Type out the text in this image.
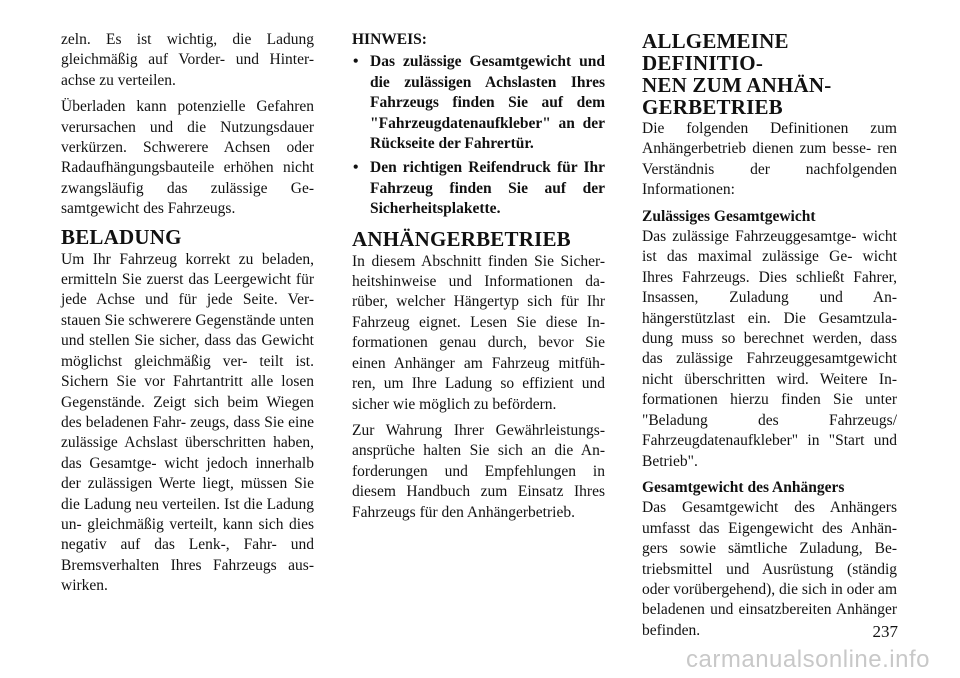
zeln. Es ist wichtig, die Ladung gleichmäßig auf Vorder- und Hinter- achse zu verteilen.

Überladen kann potenzielle Gefahren verursachen und die Nutzungsdauer verkürzen. Schwerere Achsen oder Radaufhängungsbauteile erhöhen nicht zwangsläufig das zulässige Ge- samtgewicht des Fahrzeugs.

BELADUNG

Um Ihr Fahrzeug korrekt zu beladen, ermitteln Sie zuerst das Leergewicht für jede Achse und für jede Seite. Ver- stauen Sie schwerere Gegenstände unten und stellen Sie sicher, dass das Gewicht möglichst gleichmäßig ver- teilt ist. Sichern Sie vor Fahrtantritt alle losen Gegenstände. Zeigt sich beim Wiegen des beladenen Fahr- zeugs, dass Sie eine zulässige Achslast überschritten haben, das Gesamtge- wicht jedoch innerhalb der zulässigen Werte liegt, müssen Sie die Ladung neu verteilen. Ist die Ladung un- gleichmäßig verteilt, kann sich dies negativ auf das Lenk-, Fahr- und Bremsverhalten Ihres Fahrzeugs aus- wirken.

HINWEIS:
• Das zulässige Gesamtgewicht und die zulässigen Achslasten Ihres Fahrzeugs finden Sie auf dem "Fahrzeugdatenaufkleber" an der Rückseite der Fahrertür.
• Den richtigen Reifendruck für Ihr Fahrzeug finden Sie auf der Sicherheitsplakette.
ANHÄNGERBETRIEB

In diesem Abschnitt finden Sie Sicher- heitshinweise und Informationen da- rüber, welcher Hängertyp sich für Ihr Fahrzeug eignet. Lesen Sie diese In- formationen genau durch, bevor Sie einen Anhänger am Fahrzeug mitfüh- ren, um Ihre Ladung so effizient und sicher wie möglich zu befördern.

Zur Wahrung Ihrer Gewährleistungs- ansprüche halten Sie sich an die An- forderungen und Empfehlungen in diesem Handbuch zum Einsatz Ihres Fahrzeugs für den Anhängerbetrieb.

ALLGEMEINE DEFINITIO-
NEN ZUM ANHÄN-
GERBETRIEB

Die folgenden Definitionen zum Anhängerbetrieb dienen zum besse- ren Verständnis der nachfolgenden Informationen:

Zulässiges Gesamtgewicht

Das zulässige Fahrzeuggesamtge- wicht ist das maximal zulässige Ge- wicht Ihres Fahrzeugs. Dies schließt Fahrer, Insassen, Zuladung und An- hängerstützlast ein. Die Gesamtzula- dung muss so berechnet werden, dass das zulässige Fahrzeuggesamtgewicht nicht überschritten wird. Weitere In- formationen hierzu finden Sie unter "Beladung des Fahrzeugs/ Fahrzeugdatenaufkleber" in "Start und Betrieb".

Gesamtgewicht des Anhängers

Das Gesamtgewicht des Anhängers umfasst das Eigengewicht des Anhän- gers sowie sämtliche Zuladung, Be- triebsmittel und Ausrüstung (ständig oder vorübergehend), die sich in oder am beladenen und einsatzbereiten Anhänger befinden.	237
carmanualsonline.info
